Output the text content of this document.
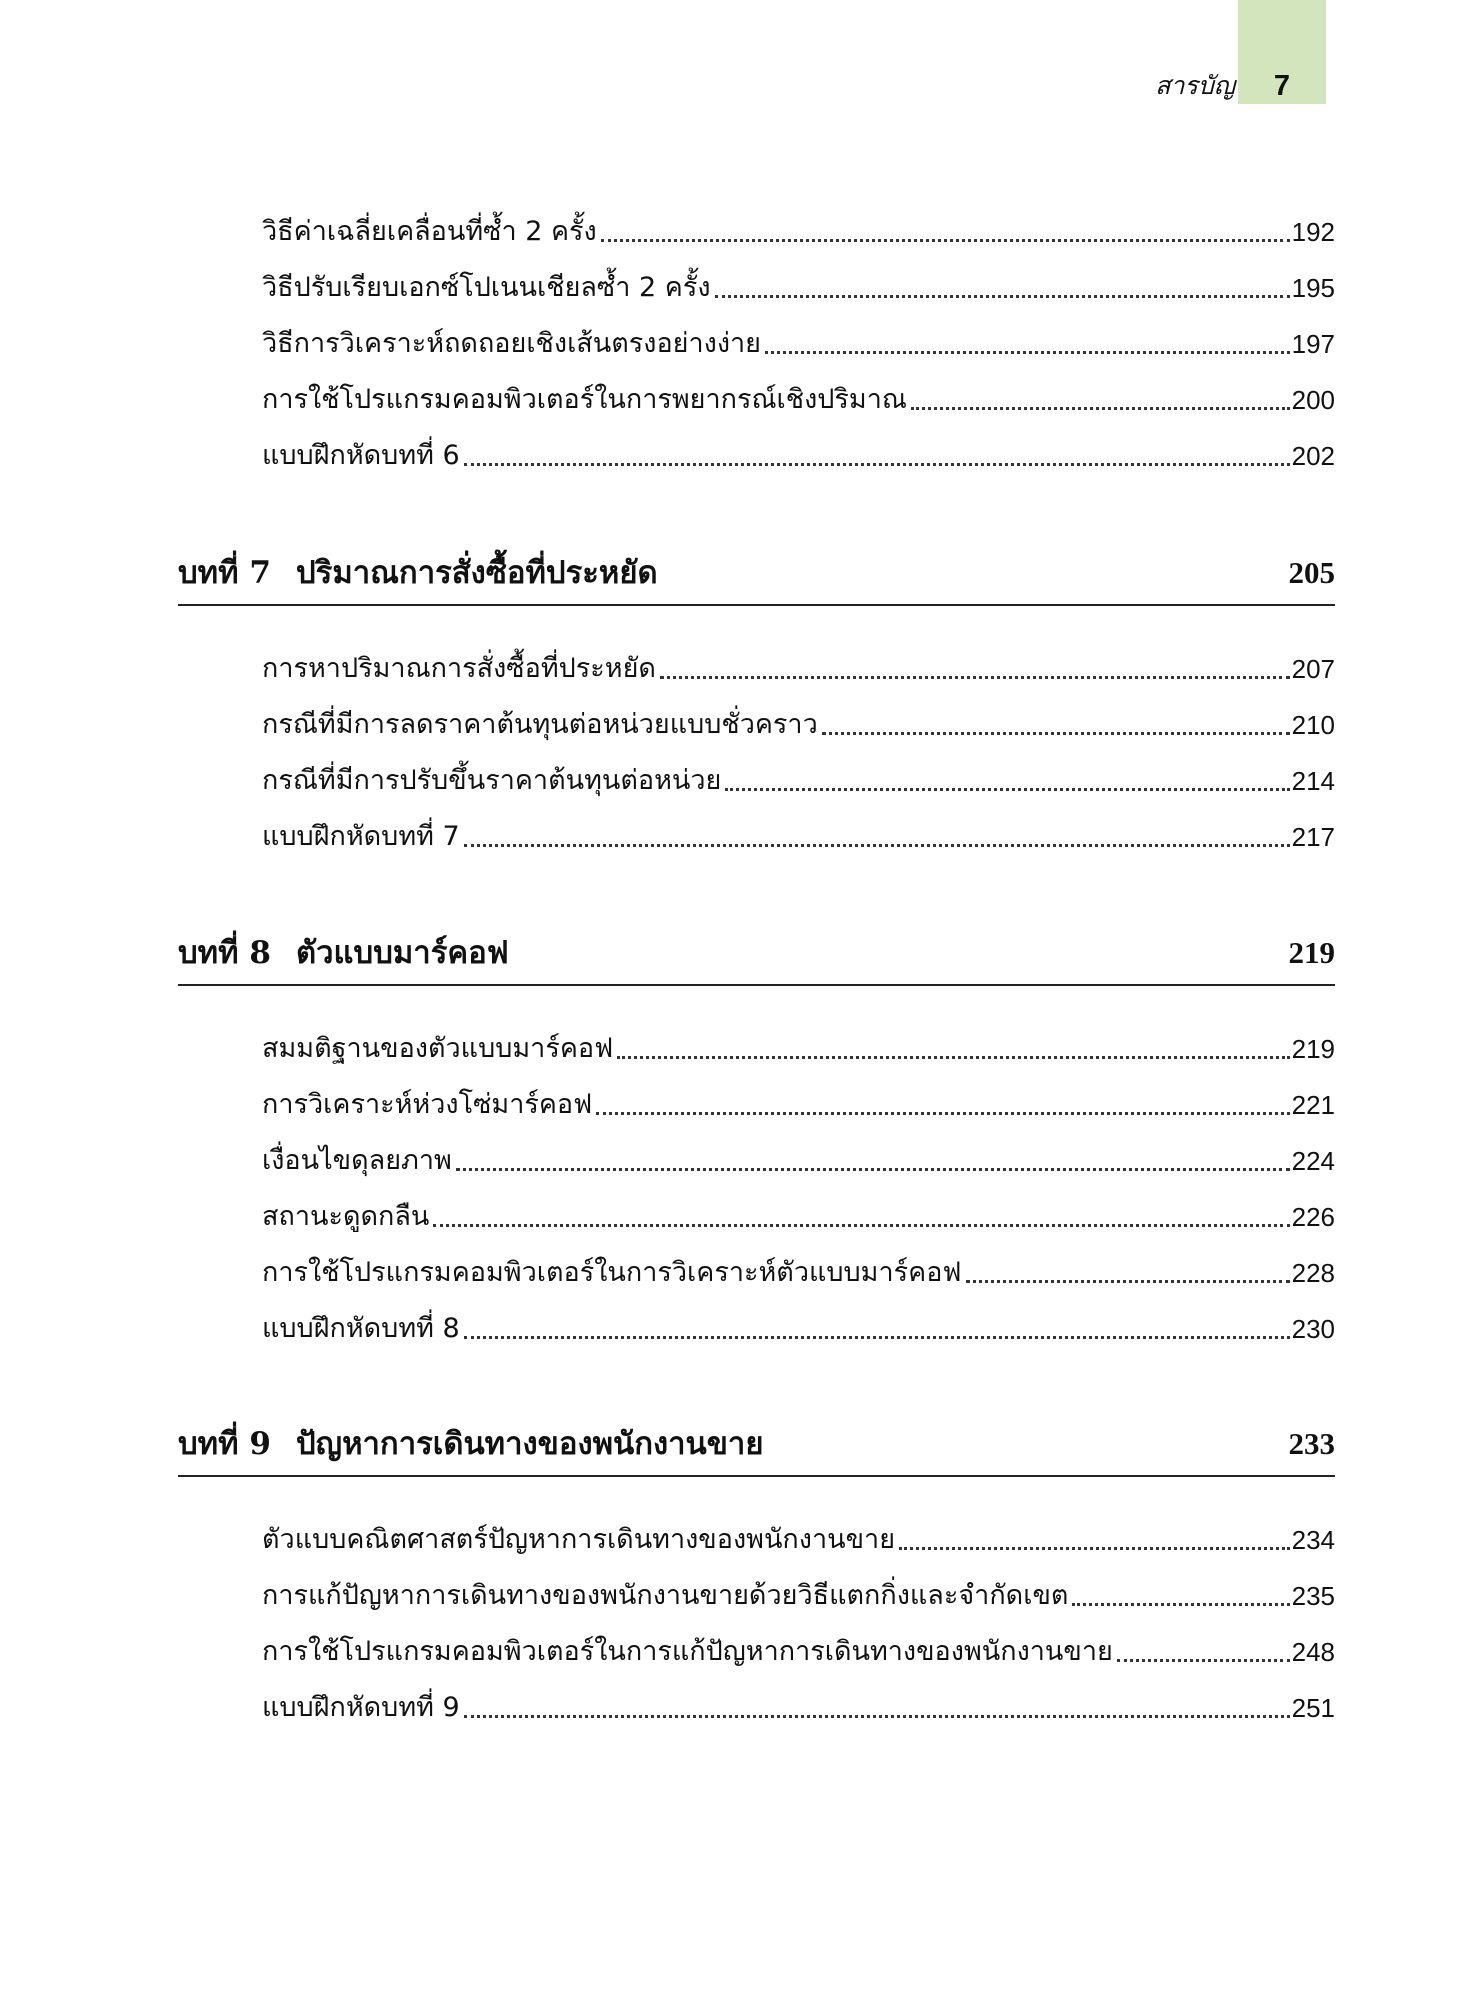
สารบัญ	7
วิธีค่าเฉลี่ยเคลื่อนที่ซ้ำ 2 ครั้ง	192
วิธีปรับเรียบเอกซ์โปเนนเชียลซ้ำ 2 ครั้ง	195
วิธีการวิเคราะห์ถดถอยเชิงเส้นตรงอย่างง่าย	197
การใช้โปรแกรมคอมพิวเตอร์ในการพยากรณ์เชิงปริมาณ	200
แบบฝึกหัดบทที่ 6	202
บทที่ 7 ปริมาณการสั่งซื้อที่ประหยัด	205
การหาปริมาณการสั่งซื้อที่ประหยัด	207
กรณีที่มีการลดราคาต้นทุนต่อหน่วยแบบชั่วคราว	210
กรณีที่มีการปรับขึ้นราคาต้นทุนต่อหน่วย	214
แบบฝึกหัดบทที่ 7	217
บทที่ 8 ตัวแบบมาร์คอฟ	219
สมมติฐานของตัวแบบมาร์คอฟ	219
การวิเคราะห์ห่วงโซ่มาร์คอฟ	221
เงื่อนไขดุลยภาพ	224
สถานะดูดกลืน	226
การใช้โปรแกรมคอมพิวเตอร์ในการวิเคราะห์ตัวแบบมาร์คอฟ	228
แบบฝึกหัดบทที่ 8	230
บทที่ 9 ปัญหาการเดินทางของพนักงานขาย	233
ตัวแบบคณิตศาสตร์ปัญหาการเดินทางของพนักงานขาย	234
การแก้ปัญหาการเดินทางของพนักงานขายด้วยวิธีแตกกิ่งและจำกัดเขต	235
การใช้โปรแกรมคอมพิวเตอร์ในการแก้ปัญหาการเดินทางของพนักงานขาย	248
แบบฝึกหัดบทที่ 9	251
